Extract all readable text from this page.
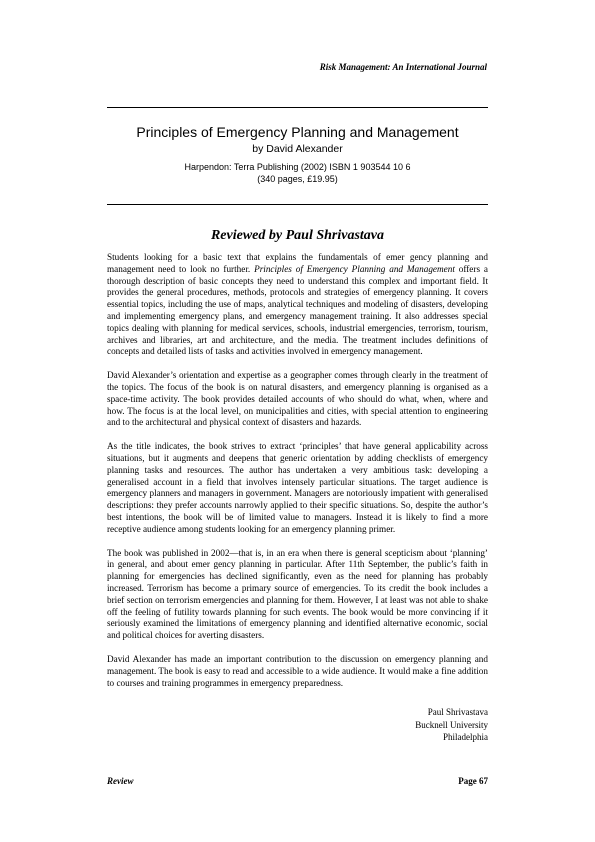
Risk Management: An International Journal
Principles of Emergency Planning and Management
by David Alexander
Harpendon: Terra Publishing (2002) ISBN 1 903544 10 6
(340 pages, £19.95)
Reviewed by Paul Shrivastava

Students looking for a basic text that explains the fundamentals of emer gency planning and management need to look no further. Principles of Emergency Planning and Management offers a thorough description of basic concepts they need to understand this complex and important field. It provides the general procedures, methods, protocols and strategies of emergency planning. It covers essential topics, including the use of maps, analytical techniques and modeling of disasters, developing and implementing emergency plans, and emergency management training. It also addresses special topics dealing with planning for medical services, schools, industrial emergencies, terrorism, tourism, archives and libraries, art and architecture, and the media. The treatment includes definitions of concepts and detailed lists of tasks and activities involved in emergency management.

David Alexander’s orientation and expertise as a geographer comes through clearly in the treatment of the topics. The focus of the book is on natural disasters, and emergency planning is organised as a space-time activity. The book provides detailed accounts of who should do what, when, where and how. The focus is at the local level, on municipalities and cities, with special attention to engineering and to the architectural and physical context of disasters and hazards.

As the title indicates, the book strives to extract ‘principles’ that have general applicability across situations, but it augments and deepens that generic orientation by adding checklists of emergency planning tasks and resources. The author has undertaken a very ambitious task: developing a generalised account in a field that involves intensely particular situations. The target audience is emergency planners and managers in government. Managers are notoriously impatient with generalised descriptions: they prefer accounts narrowly applied to their specific situations. So, despite the author’s best intentions, the book will be of limited value to managers. Instead it is likely to find a more receptive audience among students looking for an emergency planning primer.

The book was published in 2002—that is, in an era when there is general scepticism about ‘planning’ in general, and about emer gency planning in particular. After 11th September, the public’s faith in planning for emergencies has declined significantly, even as the need for planning has probably increased. Terrorism has become a primary source of emergencies. To its credit the book includes a brief section on terrorism emergencies and planning for them. However, I at least was not able to shake off the feeling of futility towards planning for such events. The book would be more convincing if it seriously examined the limitations of emergency planning and identified alternative economic, social and political choices for averting disasters.

David Alexander has made an important contribution to the discussion on emergency planning and management. The book is easy to read and accessible to a wide audience. It would make a fine addition to courses and training programmes in emergency preparedness.

Paul Shrivastava
Bucknell University
Philadelphia
Review	Page 67
